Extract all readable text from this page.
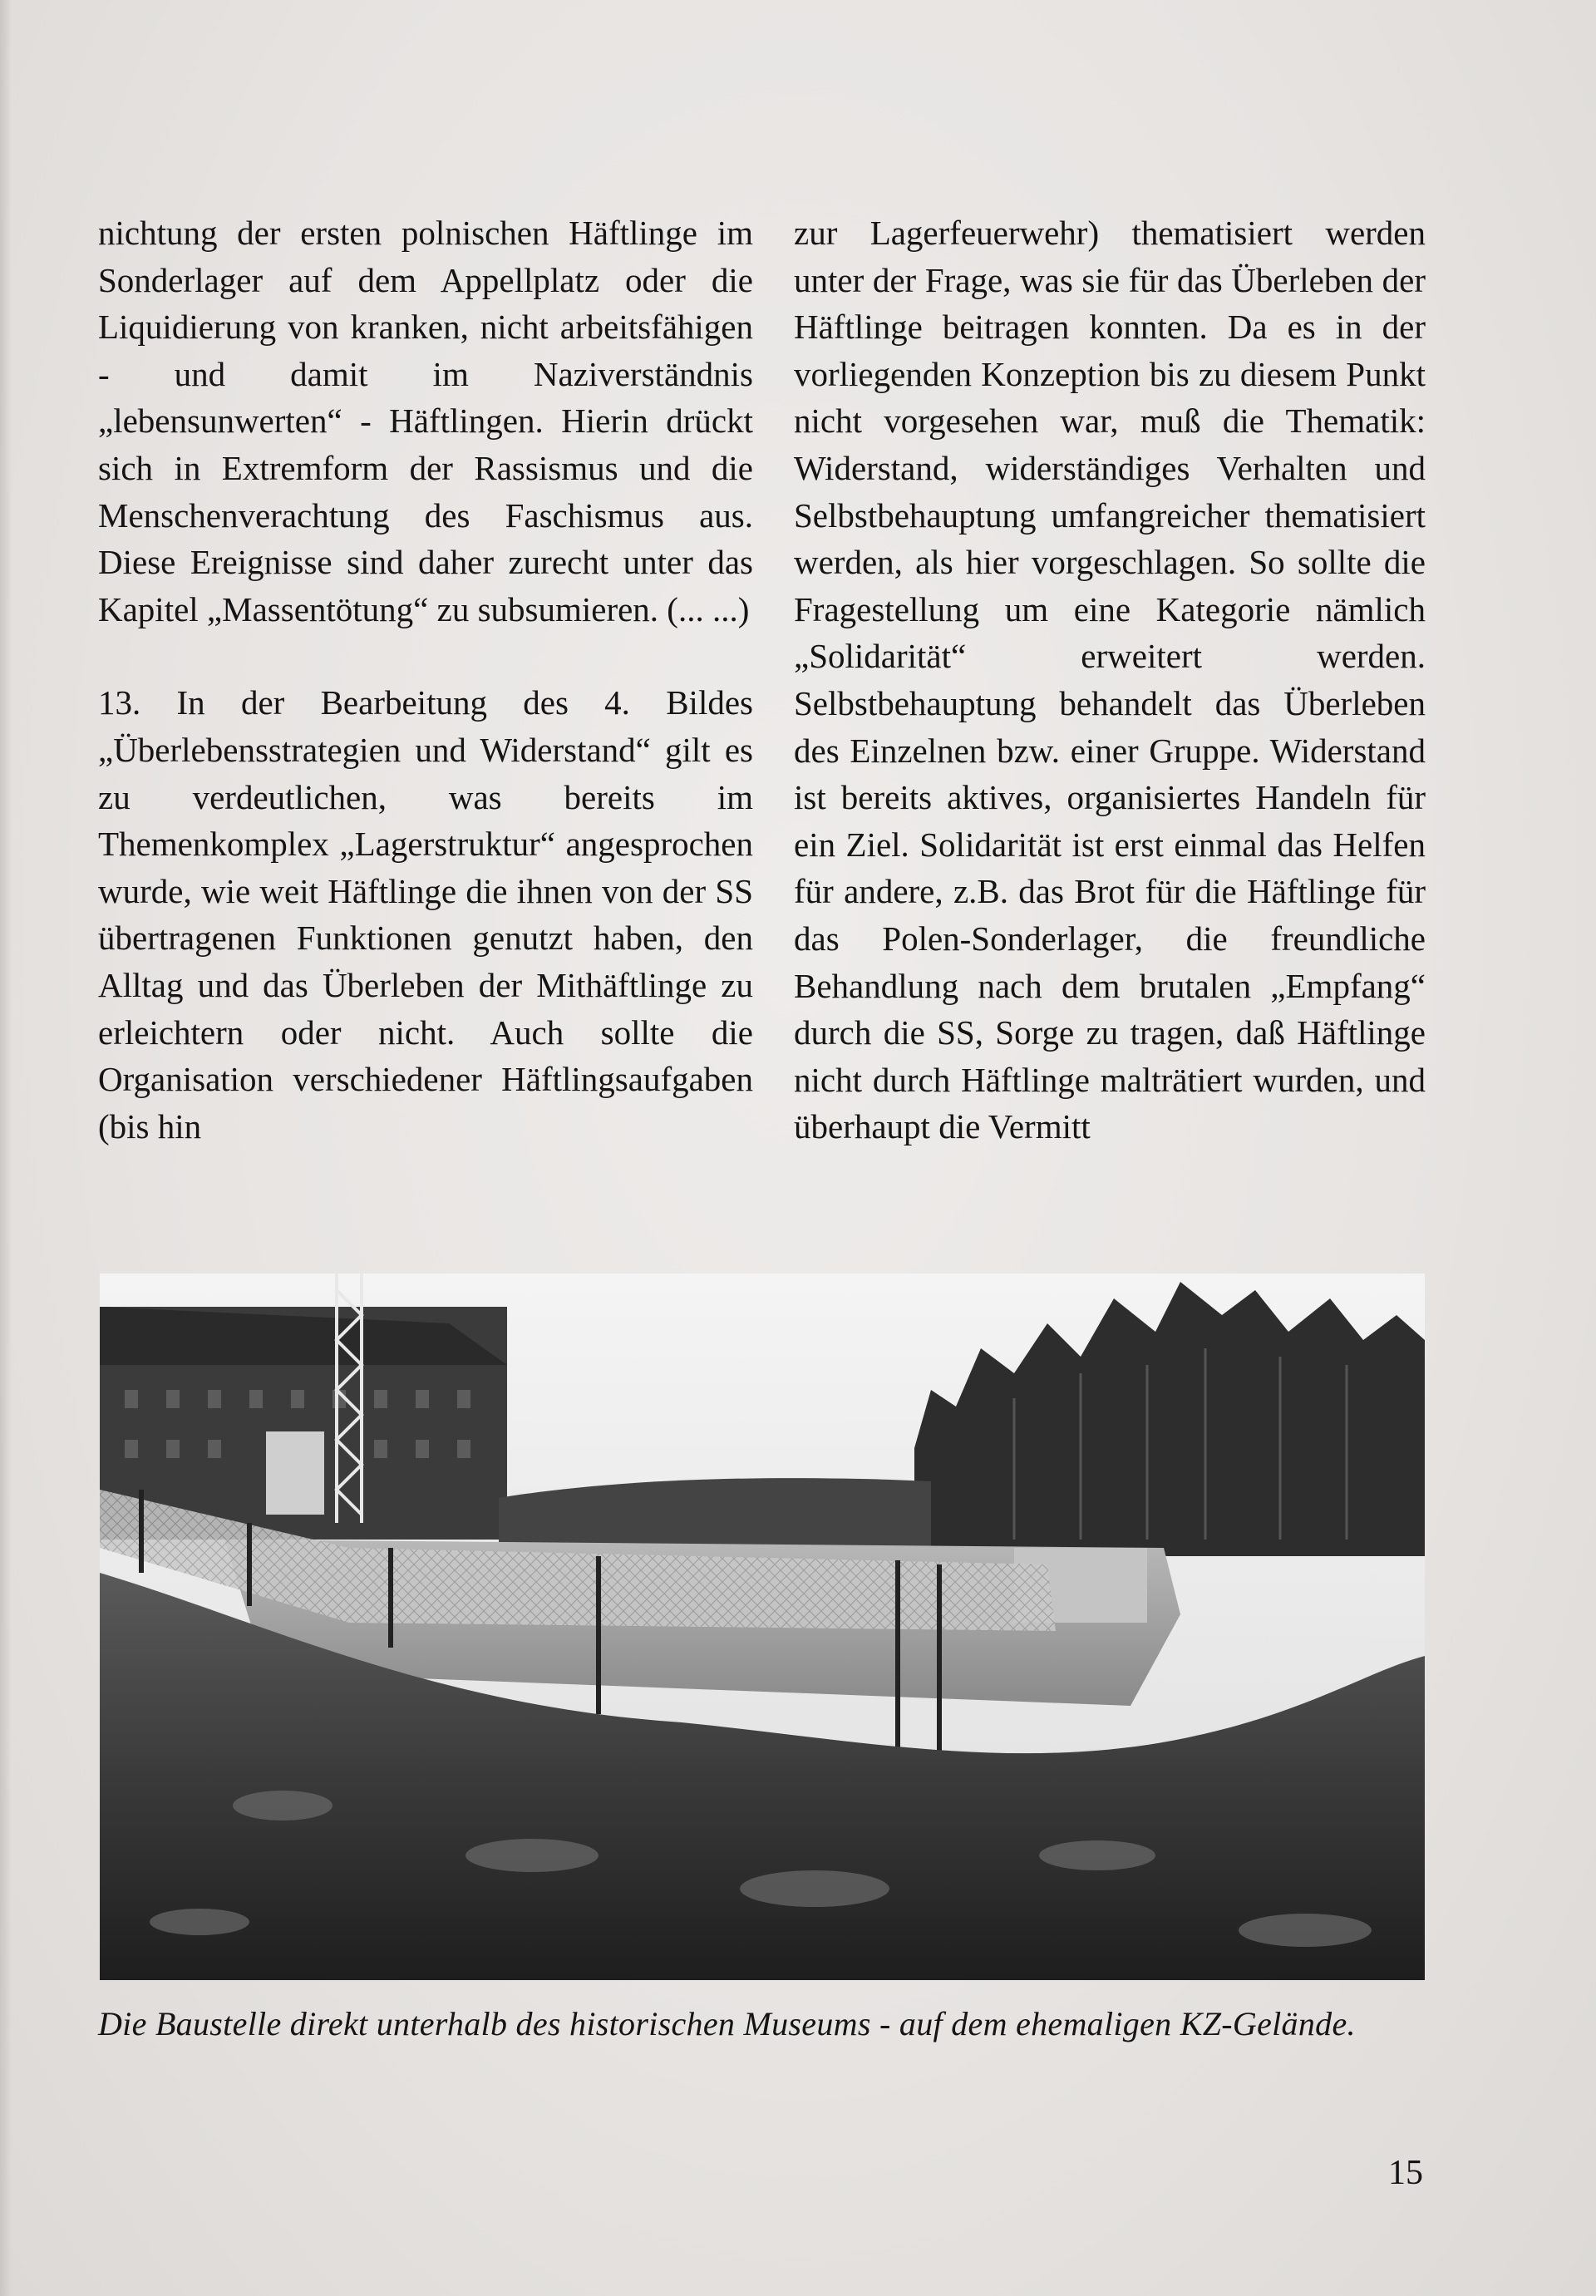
nichtung der ersten polnischen Häftlinge im Sonderlager auf dem Appellplatz oder die Liquidierung von kranken, nicht arbeitsfähigen - und damit im Naziverständnis „lebensunwerten“ - Häftlingen. Hierin drückt sich in Extremform der Rassismus und die Menschenverachtung des Faschismus aus. Diese Ereignisse sind daher zurecht unter das Kapitel „Massentötung“ zu subsumieren. (... ...)

13. In der Bearbeitung des 4. Bildes „Überlebensstrategien und Widerstand“ gilt es zu verdeutlichen, was bereits im Themenkomplex „Lagerstruktur“ angesprochen wurde, wie weit Häftlinge die ihnen von der SS übertragenen Funktionen genutzt haben, den Alltag und das Überleben der Mithäftlinge zu erleichtern oder nicht. Auch sollte die Organisation verschiedener Häftlingsaufgaben (bis hin

zur Lagerfeuerwehr) thematisiert werden unter der Frage, was sie für das Überleben der Häftlinge beitragen konnten. Da es in der vorliegenden Konzeption bis zu diesem Punkt nicht vorgesehen war, muß die Thematik: Widerstand, widerständiges Verhalten und Selbstbehauptung umfangreicher thematisiert werden, als hier vorgeschlagen. So sollte die Fragestellung um eine Kategorie nämlich „Solidarität“ erweitert werden. Selbstbehauptung behandelt das Überleben des Einzelnen bzw. einer Gruppe. Widerstand ist bereits aktives, organisiertes Handeln für ein Ziel. Solidarität ist erst einmal das Helfen für andere, z.B. das Brot für die Häftlinge für das Polen-Sonderlager, die freundliche Behandlung nach dem brutalen „Empfang“ durch die SS, Sorge zu tragen, daß Häftlinge nicht durch Häftlinge malträtiert wurden, und überhaupt die Vermitt

Die Baustelle direkt unterhalb des historischen Museums - auf dem ehemaligen KZ-Gelände.
15
